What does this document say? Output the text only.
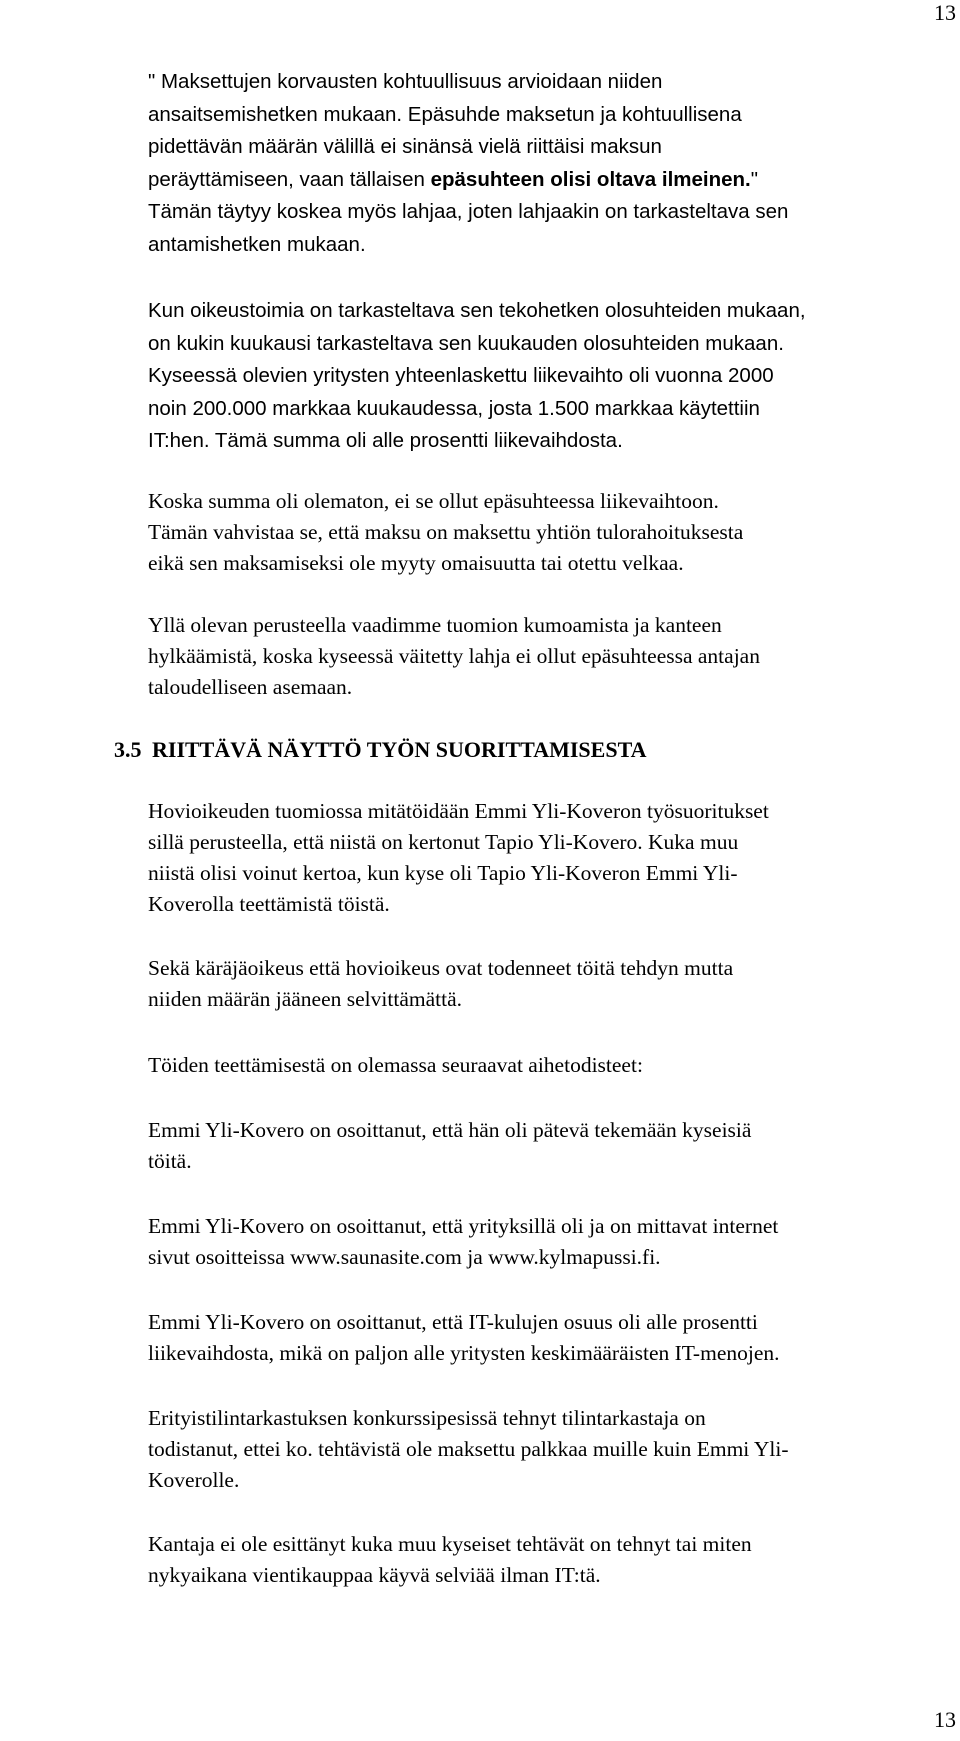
13

" Maksettujen korvausten kohtuullisuus arvioidaan niiden
ansaitsemishetken mukaan. Epäsuhde maksetun ja kohtuullisena
pidettävän määrän välillä ei sinänsä vielä riittäisi maksun
peräyttämiseen, vaan tällaisen epäsuhteen olisi oltava ilmeinen."
Tämän täytyy koskea myös lahjaa, joten lahjaakin on tarkasteltava sen
antamishetken mukaan.

Kun oikeustoimia on tarkasteltava sen tekohetken olosuhteiden mukaan,
on kukin kuukausi tarkasteltava sen kuukauden olosuhteiden mukaan.
Kyseessä olevien yritysten yhteenlaskettu liikevaihto oli vuonna 2000
noin 200.000 markkaa kuukaudessa, josta 1.500 markkaa käytettiin
IT:hen. Tämä summa oli alle prosentti liikevaihdosta.

Koska summa oli olematon, ei se ollut epäsuhteessa liikevaihtoon.
Tämän vahvistaa se, että maksu on maksettu yhtiön tulorahoituksesta
eikä sen maksamiseksi ole myyty omaisuutta tai otettu velkaa.

Yllä olevan perusteella vaadimme tuomion kumoamista ja kanteen
hylkäämistä, koska kyseessä väitetty lahja ei ollut epäsuhteessa antajan
taloudelliseen asemaan.

3.5 RIITTÄVÄ NÄYTTÖ TYÖN SUORITTAMISESTA

Hovioikeuden tuomiossa mitätöidään Emmi Yli-Koveron työsuoritukset
sillä perusteella, että niistä on kertonut Tapio Yli-Kovero. Kuka muu
niistä olisi voinut kertoa, kun kyse oli Tapio Yli-Koveron Emmi Yli-
Koverolla teettämistä töistä.

Sekä käräjäoikeus että hovioikeus ovat todenneet töitä tehdyn mutta
niiden määrän jääneen selvittämättä.

Töiden teettämisestä on olemassa seuraavat aihetodisteet:

Emmi Yli-Kovero on osoittanut, että hän oli pätevä tekemään kyseisiä
töitä.

Emmi Yli-Kovero on osoittanut, että yrityksillä oli ja on mittavat internet
sivut osoitteissa www.saunasite.com ja www.kylmapussi.fi.

Emmi Yli-Kovero on osoittanut, että IT-kulujen osuus oli alle prosentti
liikevaihdosta, mikä on paljon alle yritysten keskimääräisten IT-menojen.

Erityistilintarkastuksen konkurssipesissä tehnyt tilintarkastaja on
todistanut, ettei ko. tehtävistä ole maksettu palkkaa muille kuin Emmi Yli-
Koverolle.

Kantaja ei ole esittänyt kuka muu kyseiset tehtävät on tehnyt tai miten
nykyaikana vientikauppaa käyvä selviää ilman IT:tä.

13
